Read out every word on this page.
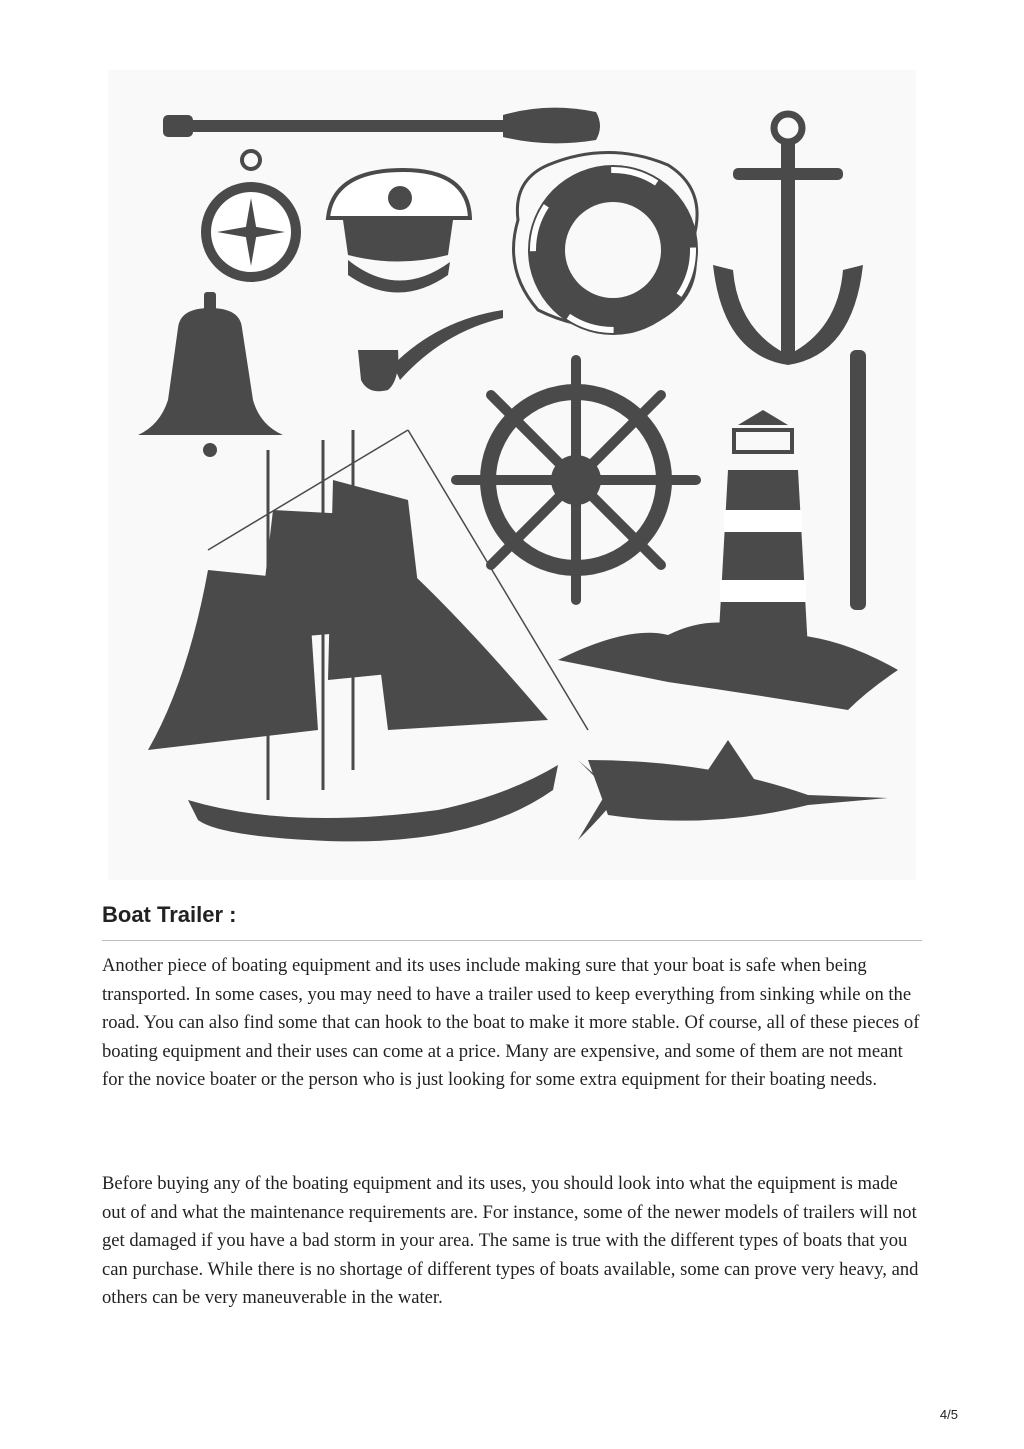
Boat Trailer :

Another piece of boating equipment and its uses include making sure that your boat is safe when being transported. In some cases, you may need to have a trailer used to keep everything from sinking while on the road. You can also find some that can hook to the boat to make it more stable. Of course, all of these pieces of boating equipment and their uses can come at a price. Many are expensive, and some of them are not meant for the novice boater or the person who is just looking for some extra equipment for their boating needs.

Before buying any of the boating equipment and its uses, you should look into what the equipment is made out of and what the maintenance requirements are. For instance, some of the newer models of trailers will not get damaged if you have a bad storm in your area. The same is true with the different types of boats that you can purchase. While there is no shortage of different types of boats available, some can prove very heavy, and others can be very maneuverable in the water.

4/5
